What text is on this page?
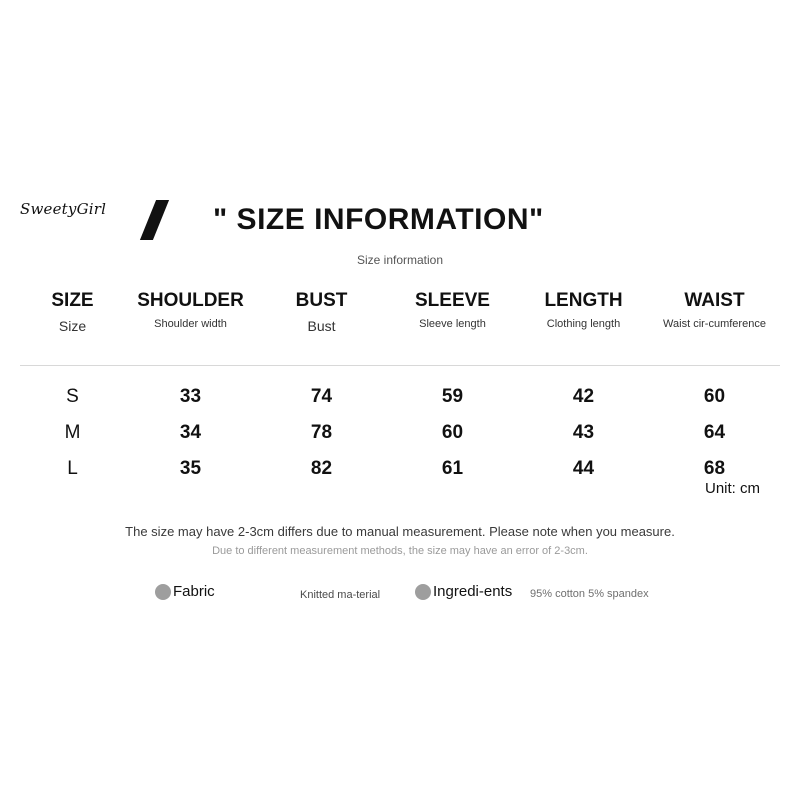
SweetyGirl	" SIZE INFORMATION"
Size information
SIZE	SHOULDER	BUST	SLEEVE	LENGTH	WAIST
Size	Shoulder width	Bust	Sleeve length	Clothing length	Waist cir-cumference
S	33	74	59	42	60
M	34	78	60	43	64
L	35	82	61	44	68
Unit: cm
The size may have 2-3cm differs due to manual measurement. Please note when you measure.
Due to different measurement methods, the size may have an error of 2-3cm.
Fabric	Knitted ma-terial	Ingredi-ents 95% cotton 5% spandex
